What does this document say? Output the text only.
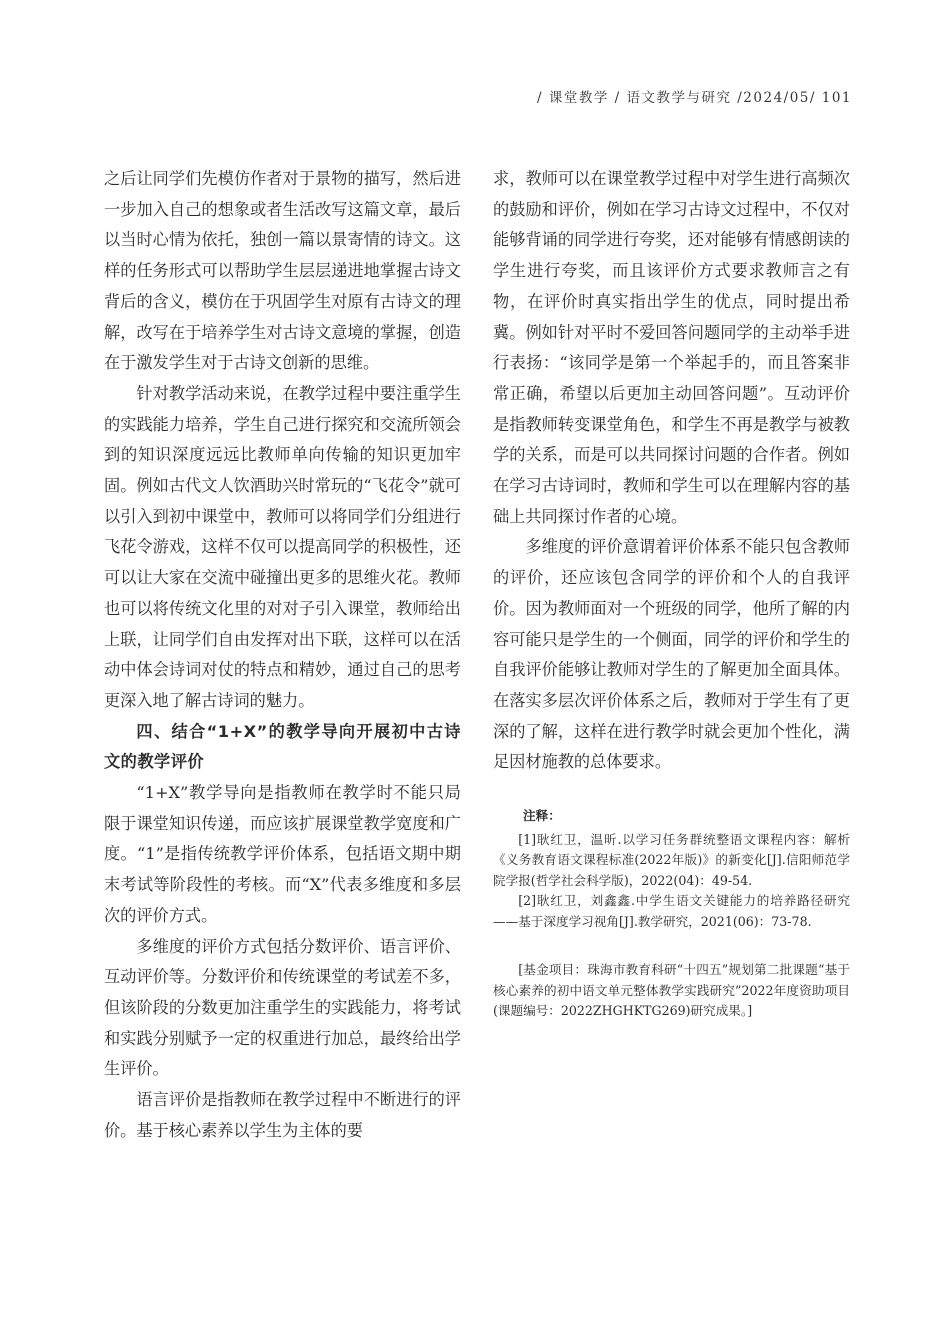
/ 课堂教学 / 语文教学与研究 /2024/05/ 101

之后让同学们先模仿作者对于景物的描写，然后进一步加入自己的想象或者生活改写这篇文章，最后以当时心情为依托，独创一篇以景寄情的诗文。这样的任务形式可以帮助学生层层递进地掌握古诗文背后的含义，模仿在于巩固学生对原有古诗文的理解，改写在于培养学生对古诗文意境的掌握，创造在于激发学生对于古诗文创新的思维。

针对教学活动来说，在教学过程中要注重学生的实践能力培养，学生自己进行探究和交流所领会到的知识深度远远比教师单向传输的知识更加牢固。例如古代文人饮酒助兴时常玩的“飞花令”就可以引入到初中课堂中，教师可以将同学们分组进行飞花令游戏，这样不仅可以提高同学的积极性，还可以让大家在交流中碰撞出更多的思维火花。教师也可以将传统文化里的对对子引入课堂，教师给出上联，让同学们自由发挥对出下联，这样可以在活动中体会诗词对仗的特点和精妙，通过自己的思考更深入地了解古诗词的魅力。

四、结合“1+X”的教学导向开展初中古诗文的教学评价

“1+X”教学导向是指教师在教学时不能只局限于课堂知识传递，而应该扩展课堂教学宽度和广度。“1”是指传统教学评价体系，包括语文期中期末考试等阶段性的考核。而“X”代表多维度和多层次的评价方式。

多维度的评价方式包括分数评价、语言评价、互动评价等。分数评价和传统课堂的考试差不多，但该阶段的分数更加注重学生的实践能力，将考试和实践分别赋予一定的权重进行加总，最终给出学生评价。

语言评价是指教师在教学过程中不断进行的评价。基于核心素养以学生为主体的要

求，教师可以在课堂教学过程中对学生进行高频次的鼓励和评价，例如在学习古诗文过程中，不仅对能够背诵的同学进行夸奖，还对能够有情感朗读的学生进行夸奖，而且该评价方式要求教师言之有物，在评价时真实指出学生的优点，同时提出希冀。例如针对平时不爱回答问题同学的主动举手进行表扬：“该同学是第一个举起手的，而且答案非常正确，希望以后更加主动回答问题”。互动评价是指教师转变课堂角色，和学生不再是教学与被教学的关系，而是可以共同探讨问题的合作者。例如在学习古诗词时，教师和学生可以在理解内容的基础上共同探讨作者的心境。

多维度的评价意谓着评价体系不能只包含教师的评价，还应该包含同学的评价和个人的自我评价。因为教师面对一个班级的同学，他所了解的内容可能只是学生的一个侧面，同学的评价和学生的自我评价能够让教师对学生的了解更加全面具体。在落实多层次评价体系之后，教师对于学生有了更深的了解，这样在进行教学时就会更加个性化，满足因材施教的总体要求。

注释：

[1]耿红卫，温昕.以学习任务群统整语文课程内容：解析《义务教育语文课程标准(2022年版)》的新变化[J].信阳师范学院学报(哲学社会科学版)，2022(04)：49-54.

[2]耿红卫，刘鑫鑫.中学生语文关键能力的培养路径研究——基于深度学习视角[J].教学研究，2021(06)：73-78.

[基金项目：珠海市教育科研“十四五”规划第二批课题“基于核心素养的初中语文单元整体教学实践研究”2022年度资助项目(课题编号：2022ZHGHKTG269)研究成果。]
